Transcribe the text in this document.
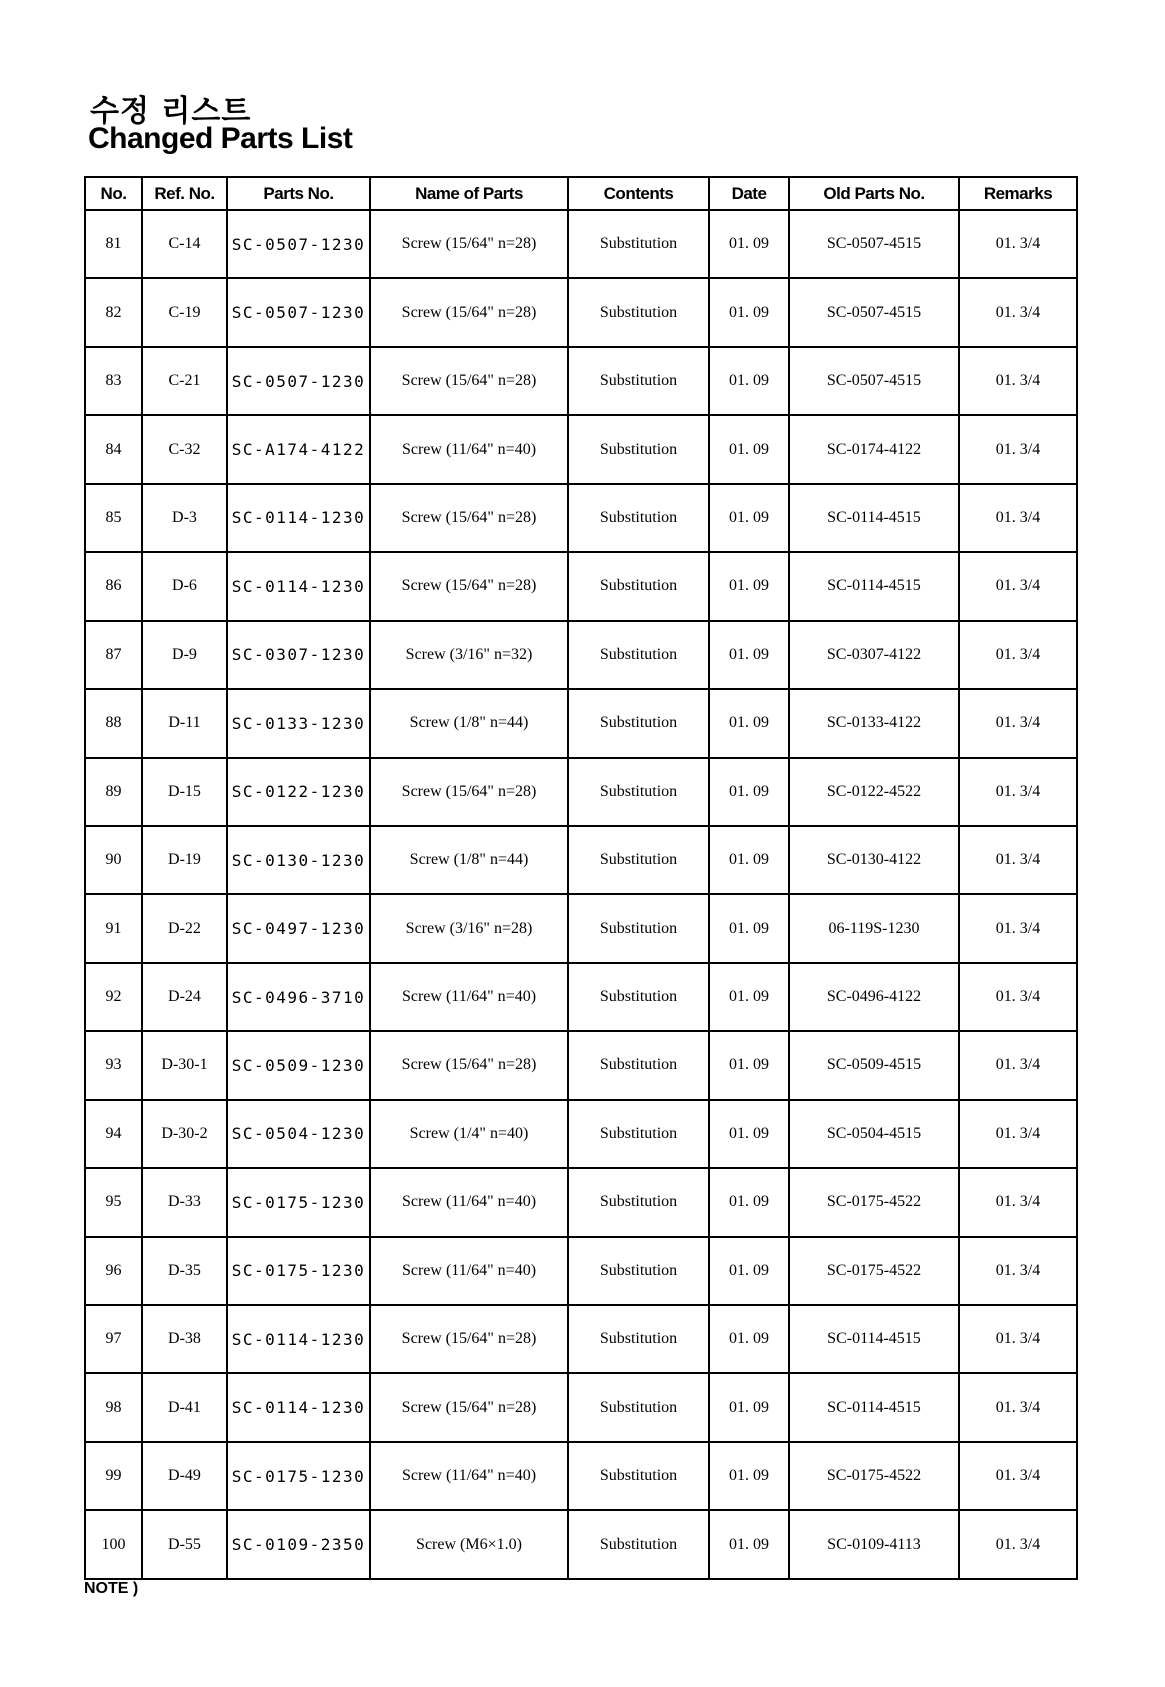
수정 리스트
Changed Parts List
No.	Ref. No.	Parts No.	Name of Parts	Contents	Date	Old Parts No.	Remarks
81	C-14	SC-0507-1230	Screw (15/64" n=28)	Substitution	01. 09	SC-0507-4515	01. 3/4
82	C-19	SC-0507-1230	Screw (15/64" n=28)	Substitution	01. 09	SC-0507-4515	01. 3/4
83	C-21	SC-0507-1230	Screw (15/64" n=28)	Substitution	01. 09	SC-0507-4515	01. 3/4
84	C-32	SC-A174-4122	Screw (11/64" n=40)	Substitution	01. 09	SC-0174-4122	01. 3/4
85	D-3	SC-0114-1230	Screw (15/64" n=28)	Substitution	01. 09	SC-0114-4515	01. 3/4
86	D-6	SC-0114-1230	Screw (15/64" n=28)	Substitution	01. 09	SC-0114-4515	01. 3/4
87	D-9	SC-0307-1230	Screw (3/16" n=32)	Substitution	01. 09	SC-0307-4122	01. 3/4
88	D-11	SC-0133-1230	Screw (1/8" n=44)	Substitution	01. 09	SC-0133-4122	01. 3/4
89	D-15	SC-0122-1230	Screw (15/64" n=28)	Substitution	01. 09	SC-0122-4522	01. 3/4
90	D-19	SC-0130-1230	Screw (1/8" n=44)	Substitution	01. 09	SC-0130-4122	01. 3/4
91	D-22	SC-0497-1230	Screw (3/16" n=28)	Substitution	01. 09	06-119S-1230	01. 3/4
92	D-24	SC-0496-3710	Screw (11/64" n=40)	Substitution	01. 09	SC-0496-4122	01. 3/4
93	D-30-1	SC-0509-1230	Screw (15/64" n=28)	Substitution	01. 09	SC-0509-4515	01. 3/4
94	D-30-2	SC-0504-1230	Screw (1/4" n=40)	Substitution	01. 09	SC-0504-4515	01. 3/4
95	D-33	SC-0175-1230	Screw (11/64" n=40)	Substitution	01. 09	SC-0175-4522	01. 3/4
96	D-35	SC-0175-1230	Screw (11/64" n=40)	Substitution	01. 09	SC-0175-4522	01. 3/4
97	D-38	SC-0114-1230	Screw (15/64" n=28)	Substitution	01. 09	SC-0114-4515	01. 3/4
98	D-41	SC-0114-1230	Screw (15/64" n=28)	Substitution	01. 09	SC-0114-4515	01. 3/4
99	D-49	SC-0175-1230	Screw (11/64" n=40)	Substitution	01. 09	SC-0175-4522	01. 3/4
100	D-55	SC-0109-2350	Screw (M6×1.0)	Substitution	01. 09	SC-0109-4113	01. 3/4
NOTE )
